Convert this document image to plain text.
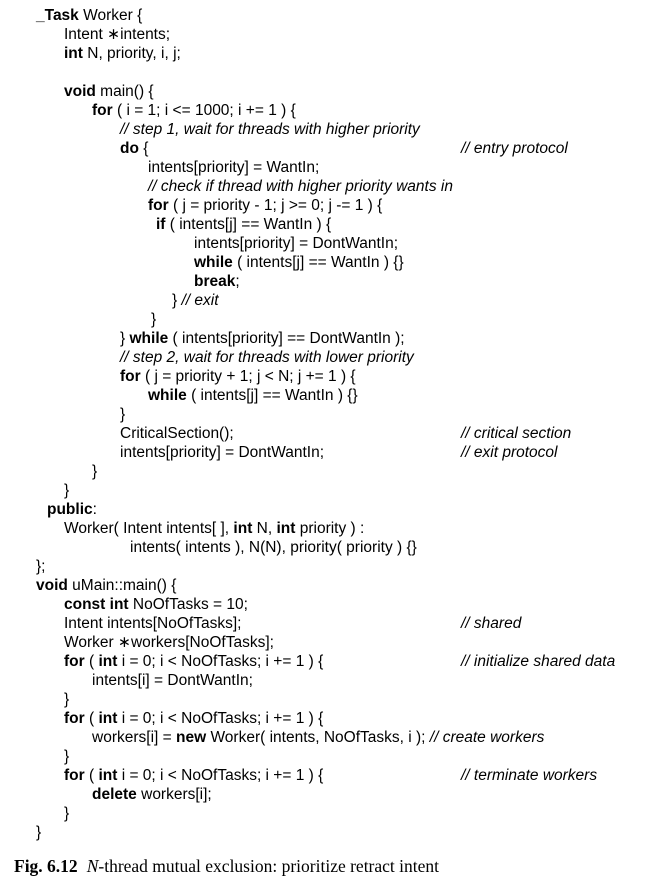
_Task Worker {
Intent ∗intents;
int N, priority, i, j;
void main() {
for ( i = 1; i <= 1000; i += 1 ) {
// step 1, wait for threads with higher priority
do {	// entry protocol
intents[priority] = WantIn;
// check if thread with higher priority wants in
for ( j = priority - 1; j >= 0; j -= 1 ) {
if ( intents[j] == WantIn ) {
intents[priority] = DontWantIn;
while ( intents[j] == WantIn ) {}
break;
} // exit
}
} while ( intents[priority] == DontWantIn );
// step 2, wait for threads with lower priority
for ( j = priority + 1; j < N; j += 1 ) {
while ( intents[j] == WantIn ) {}
}
CriticalSection();	// critical section
intents[priority] = DontWantIn;	// exit protocol
}
}
public:
Worker( Intent intents[ ], int N, int priority ) :
intents( intents ), N(N), priority( priority ) {}
};
void uMain::main() {
const int NoOfTasks = 10;
Intent intents[NoOfTasks];	// shared
Worker ∗workers[NoOfTasks];
for ( int i = 0; i < NoOfTasks; i += 1 ) {	// initialize shared data
intents[i] = DontWantIn;
}
for ( int i = 0; i < NoOfTasks; i += 1 ) {
workers[i] = new Worker( intents, NoOfTasks, i ); // create workers
}
for ( int i = 0; i < NoOfTasks; i += 1 ) {	// terminate workers
delete workers[i];
}
}
Fig. 6.12 N-thread mutual exclusion: prioritize retract intent
